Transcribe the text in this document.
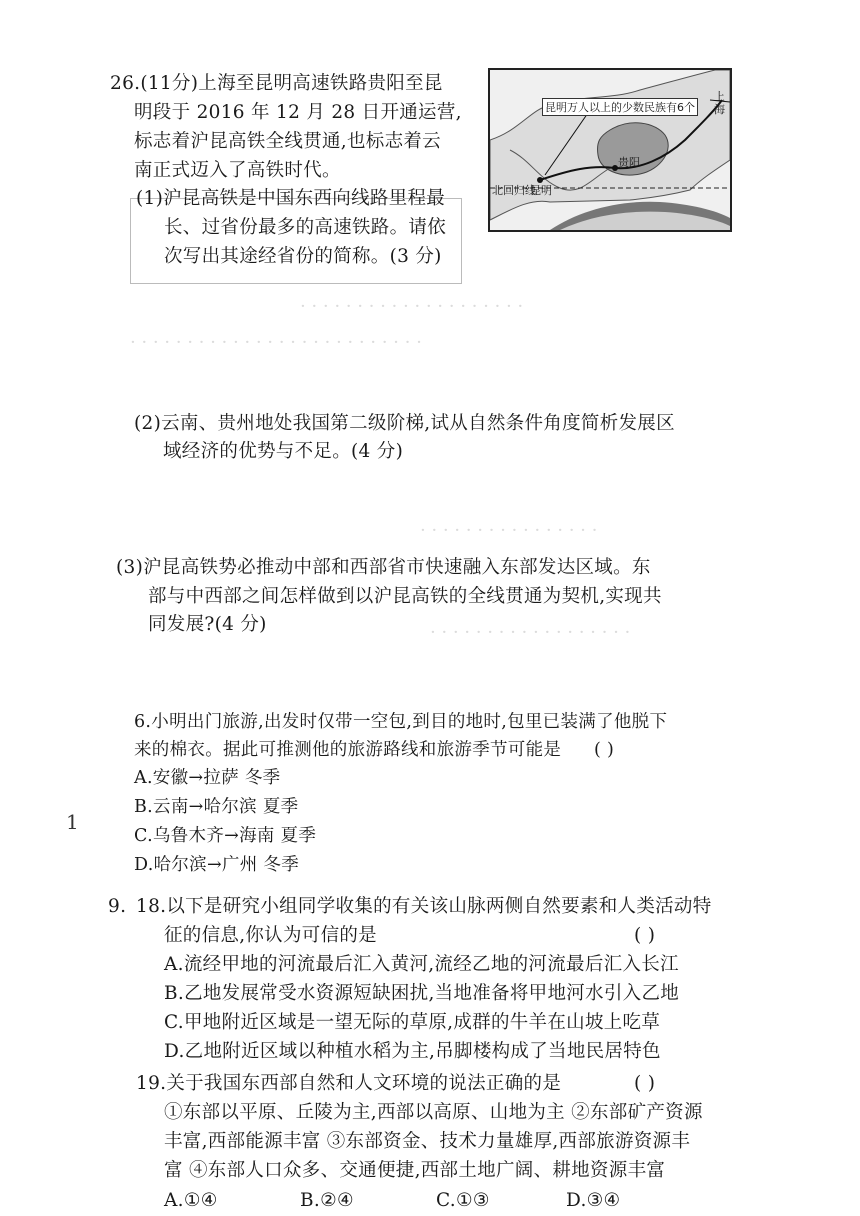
· · · · · · · · · · · · · · · · · · · ·
· · · · · · · · · · · · · · · · · · · · · · · · · ·
· · · · · · · · · · · · · · · ·
· · · · · · · · · · · · · · · · · ·
26.(11分)上海至昆明高速铁路贵阳至昆
明段于 2016 年 12 月 28 日开通运营,
标志着沪昆高铁全线贯通,也标志着云
南正式迈入了高铁时代。
(1)沪昆高铁是中国东西向线路里程最
长、过省份最多的高速铁路。请依
次写出其途经省份的简称。(3 分)
昆明万人以上的少数民族有6个
上海
贵阳
昆明
北回归线
(2)云南、贵州地处我国第二级阶梯,试从自然条件角度简析发展区
域经济的优势与不足。(4 分)
(3)沪昆高铁势必推动中部和西部省市快速融入东部发达区域。东
部与中西部之间怎样做到以沪昆高铁的全线贯通为契机,实现共
同发展?(4 分)
6.小明出门旅游,出发时仅带一空包,到目的地时,包里已装满了他脱下
来的棉衣。据此可推测他的旅游路线和旅游季节可能是 ( )
A.安徽→拉萨 冬季
B.云南→哈尔滨 夏季
C.乌鲁木齐→海南 夏季
D.哈尔滨→广州 冬季
1
9. 18.以下是研究小组同学收集的有关该山脉两侧自然要素和人类活动特
征的信息,你认为可信的是	( )
A.流经甲地的河流最后汇入黄河,流经乙地的河流最后汇入长江
B.乙地发展常受水资源短缺困扰,当地准备将甲地河水引入乙地
C.甲地附近区域是一望无际的草原,成群的牛羊在山坡上吃草
D.乙地附近区域以种植水稻为主,吊脚楼构成了当地民居特色
19.关于我国东西部自然和人文环境的说法正确的是	( )
①东部以平原、丘陵为主,西部以高原、山地为主 ②东部矿产资源
丰富,西部能源丰富 ③东部资金、技术力量雄厚,西部旅游资源丰
富 ④东部人口众多、交通便捷,西部土地广阔、耕地资源丰富
A.①④	B.②④	C.①③	D.③④
